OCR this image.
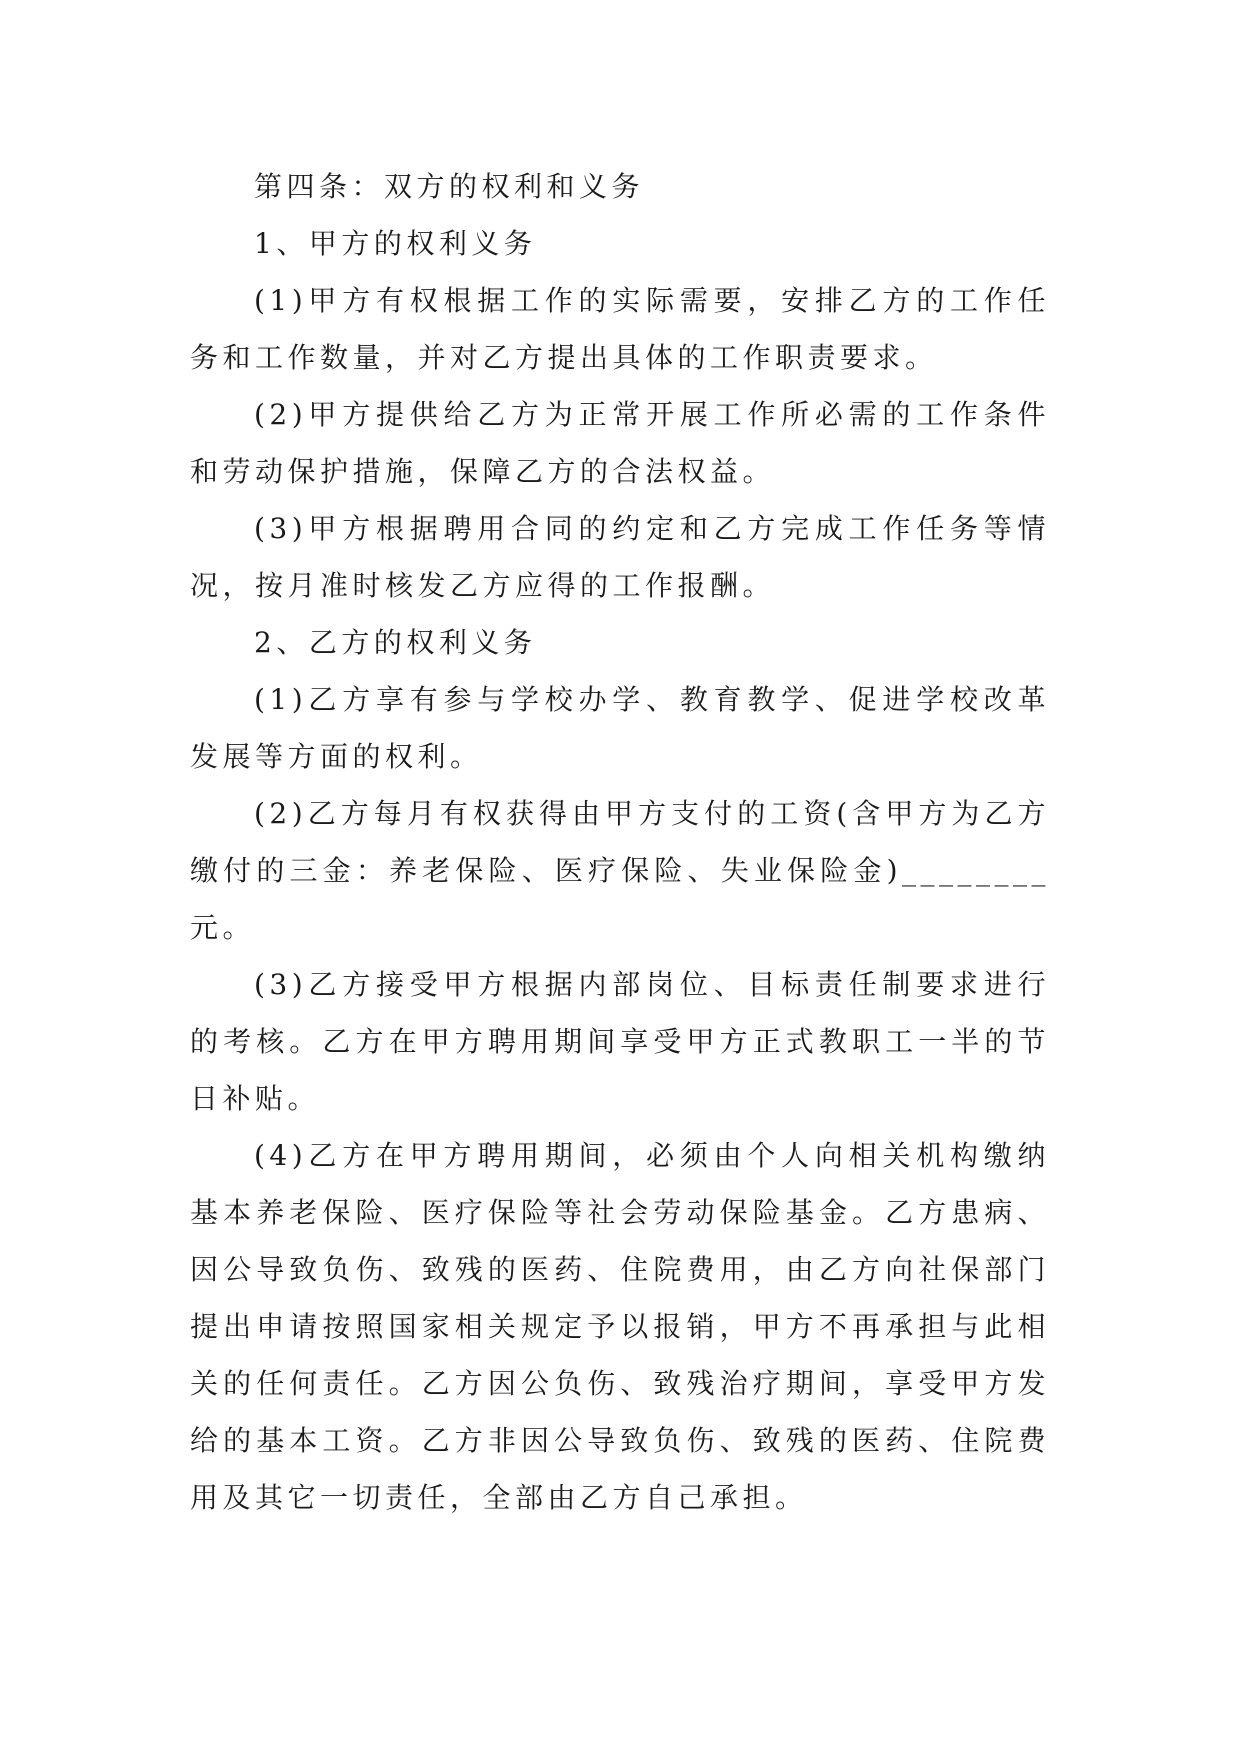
第四条：双方的权利和义务

1、甲方的权利义务

(1)甲方有权根据工作的实际需要，安排乙方的工作任务和工作数量，并对乙方提出具体的工作职责要求。

(2)甲方提供给乙方为正常开展工作所必需的工作条件和劳动保护措施，保障乙方的合法权益。

(3)甲方根据聘用合同的约定和乙方完成工作任务等情况，按月准时核发乙方应得的工作报酬。

2、乙方的权利义务

(1)乙方享有参与学校办学、教育教学、促进学校改革发展等方面的权利。

(2)乙方每月有权获得由甲方支付的工资(含甲方为乙方缴付的三金：养老保险、医疗保险、失业保险金)________元。

(3)乙方接受甲方根据内部岗位、目标责任制要求进行的考核。乙方在甲方聘用期间享受甲方正式教职工一半的节日补贴。

(4)乙方在甲方聘用期间，必须由个人向相关机构缴纳基本养老保险、医疗保险等社会劳动保险基金。乙方患病、因公导致负伤、致残的医药、住院费用，由乙方向社保部门提出申请按照国家相关规定予以报销，甲方不再承担与此相关的任何责任。乙方因公负伤、致残治疗期间，享受甲方发给的基本工资。乙方非因公导致负伤、致残的医药、住院费用及其它一切责任，全部由乙方自己承担。
